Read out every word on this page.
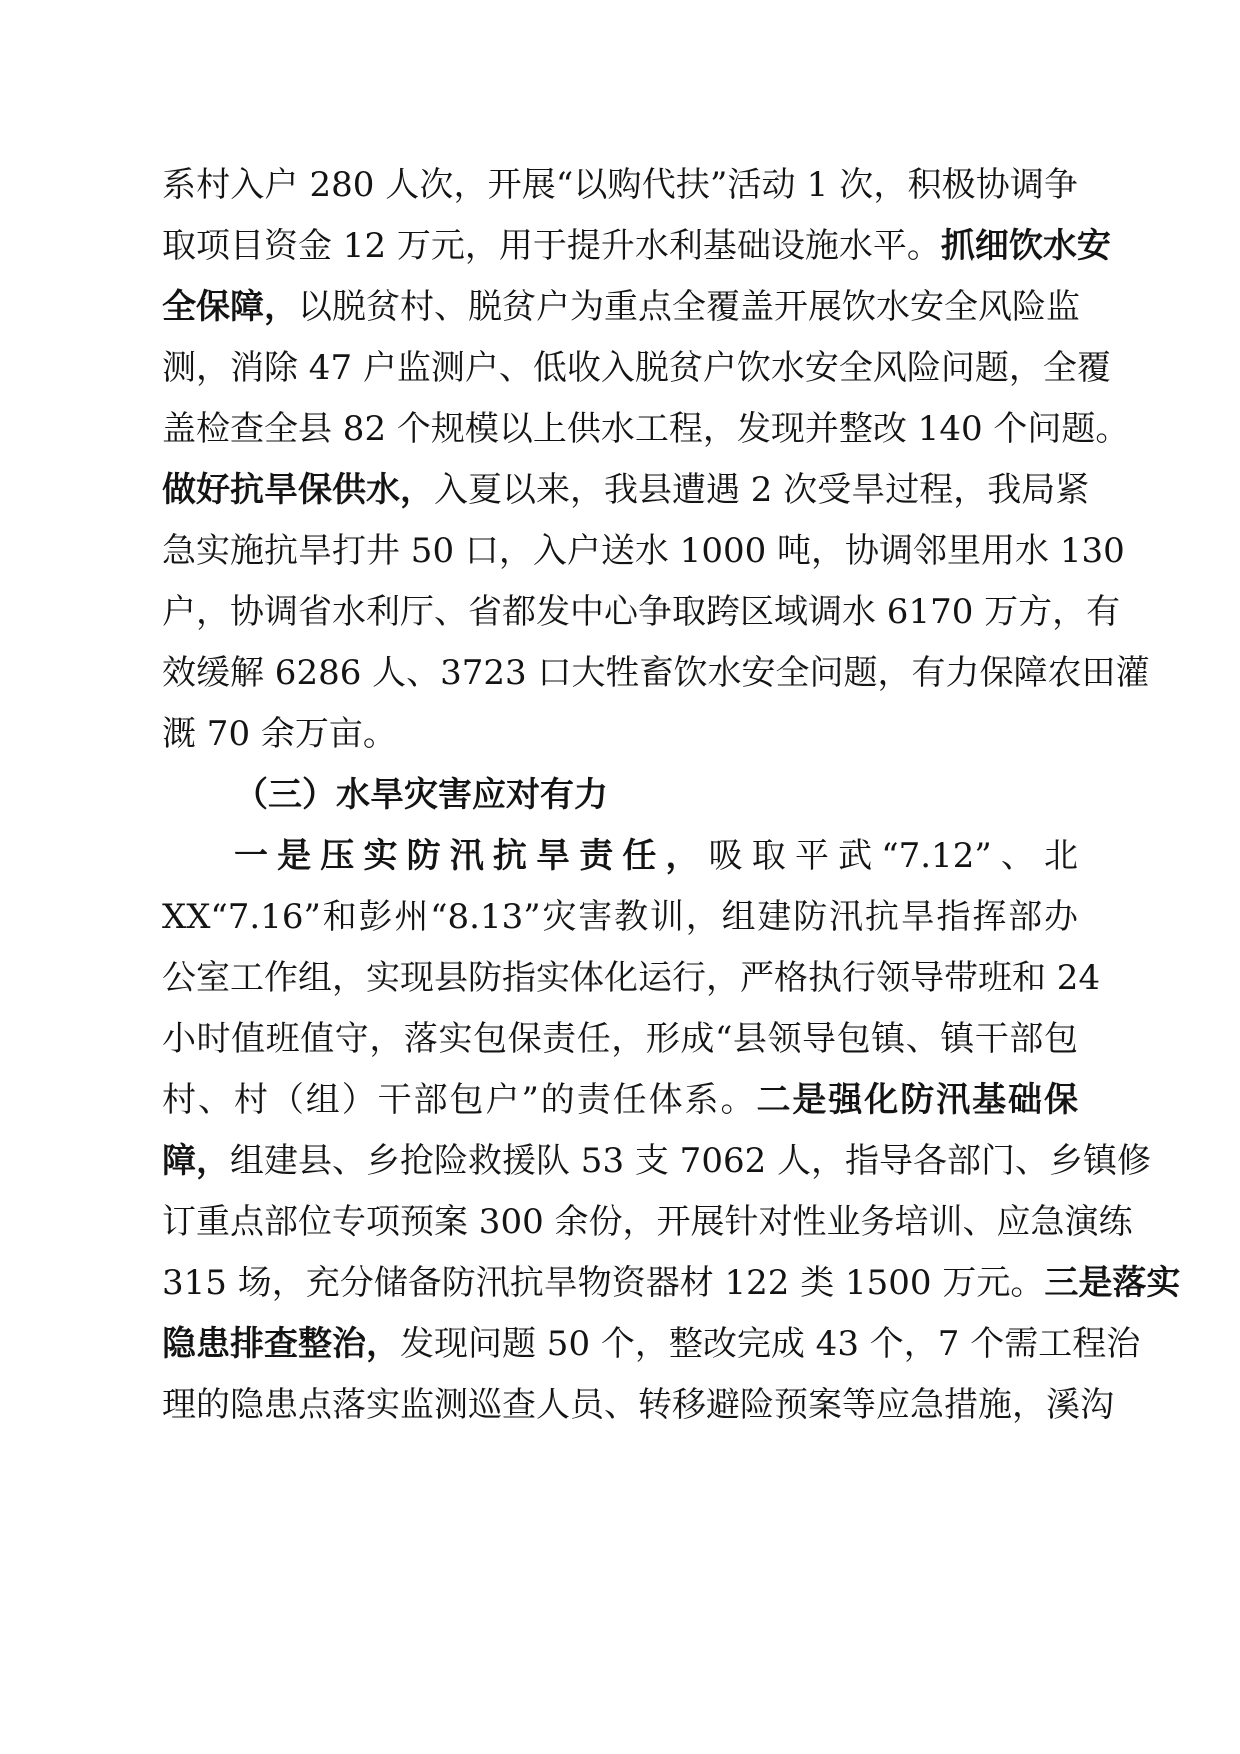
系村入户 280 人次，开展“以购代扶”活动 1 次，积极协调争
取项目资金 12 万元，用于提升水利基础设施水平。抓细饮水安
全保障，以脱贫村、脱贫户为重点全覆盖开展饮水安全风险监
测，消除 47 户监测户、低收入脱贫户饮水安全风险问题，全覆
盖检查全县 82 个规模以上供水工程，发现并整改 140 个问题。
做好抗旱保供水，入夏以来，我县遭遇 2 次受旱过程，我局紧
急实施抗旱打井 50 口，入户送水 1000 吨，协调邻里用水 130
户，协调省水利厅、省都发中心争取跨区域调水 6170 万方，有
效缓解 6286 人、3723 口大牲畜饮水安全问题，有力保障农田灌
溉 70 余万亩。
（三）水旱灾害应对有力
一是压实防汛抗旱责任，吸取平武“7.12”、北
XX“7.16”和彭州“8.13”灾害教训，组建防汛抗旱指挥部办
公室工作组，实现县防指实体化运行，严格执行领导带班和 24
小时值班值守，落实包保责任，形成“县领导包镇、镇干部包
村、村（组）干部包户”的责任体系。二是强化防汛基础保
障，组建县、乡抢险救援队 53 支 7062 人，指导各部门、乡镇修
订重点部位专项预案 300 余份，开展针对性业务培训、应急演练
315 场，充分储备防汛抗旱物资器材 122 类 1500 万元。三是落实
隐患排查整治，发现问题 50 个，整改完成 43 个，7 个需工程治
理的隐患点落实监测巡查人员、转移避险预案等应急措施，溪沟
